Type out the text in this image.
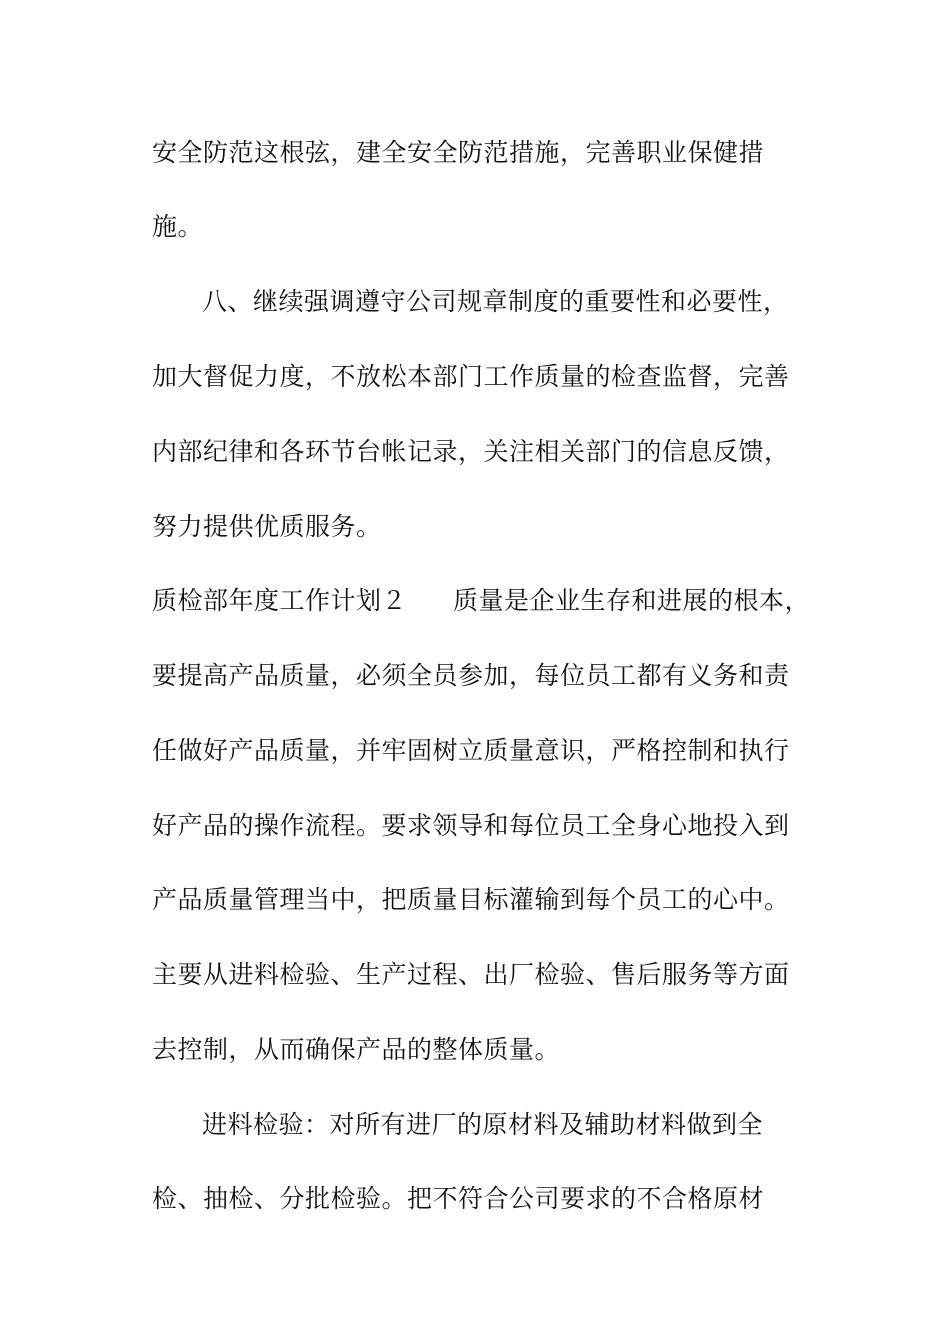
安全防范这根弦，建全安全防范措施，完善职业保健措
施。
八、继续强调遵守公司规章制度的重要性和必要性，
加大督促力度，不放松本部门工作质量的检查监督，完善
内部纪律和各环节台帐记录，关注相关部门的信息反馈，
努力提供优质服务。
质检部年度工作计划２ 质量是企业生存和进展的根本，
要提高产品质量，必须全员参加，每位员工都有义务和责
任做好产品质量，并牢固树立质量意识，严格控制和执行
好产品的操作流程。要求领导和每位员工全身心地投入到
产品质量管理当中，把质量目标灌输到每个员工的心中。
主要从进料检验、生产过程、出厂检验、售后服务等方面
去控制，从而确保产品的整体质量。
进料检验：对所有进厂的原材料及辅助材料做到全
检、抽检、分批检验。把不符合公司要求的不合格原材
